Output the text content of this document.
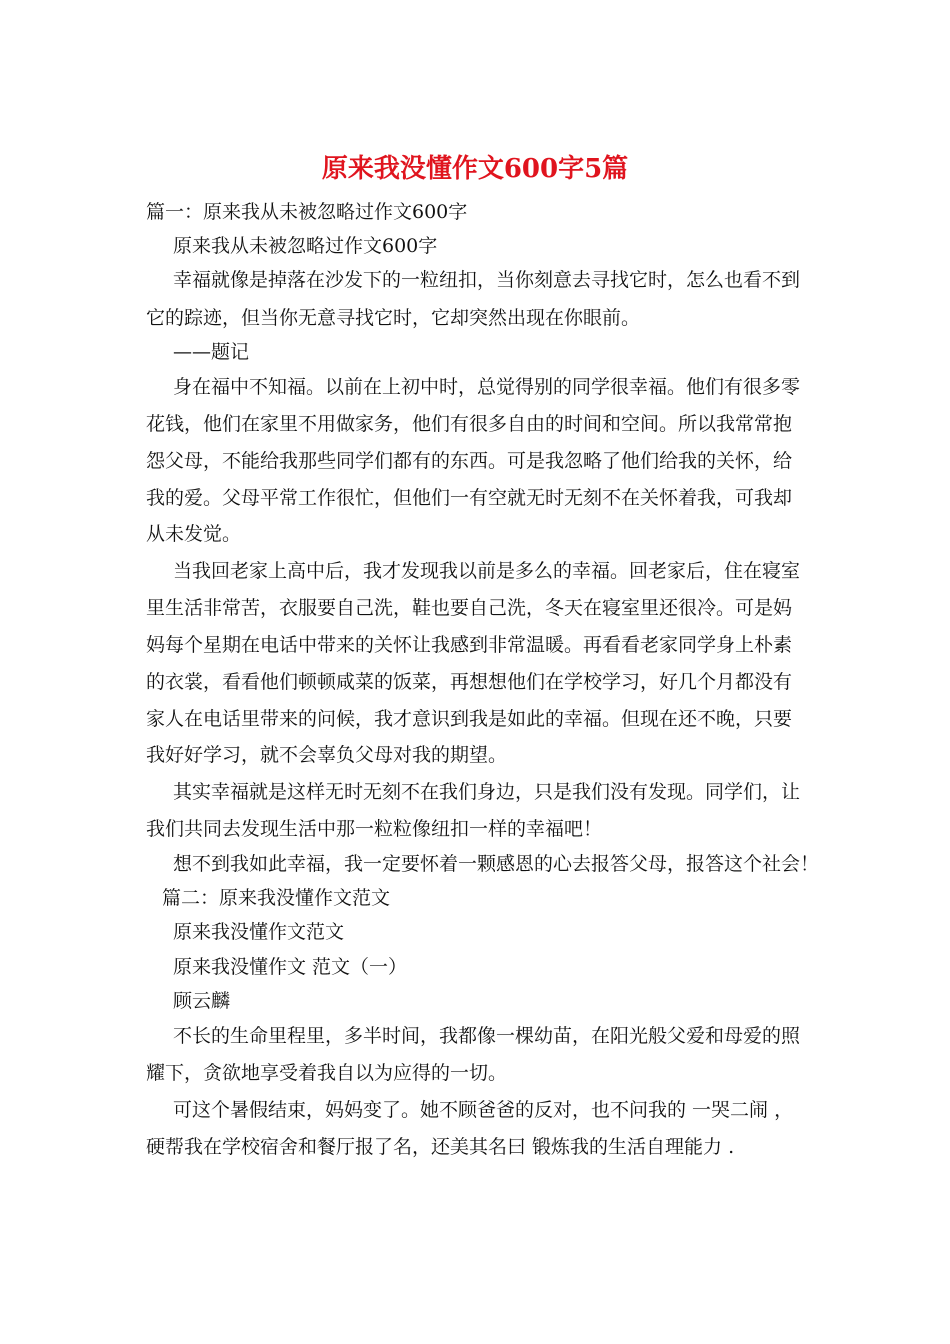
原来我没懂作文600字5篇
篇一：原来我从未被忽略过作文600字
原来我从未被忽略过作文600字
幸福就像是掉落在沙发下的一粒纽扣，当你刻意去寻找它时，怎么也看不到
它的踪迹，但当你无意寻找它时，它却突然出现在你眼前。
——题记
身在福中不知福。以前在上初中时，总觉得别的同学很幸福。他们有很多零
花钱，他们在家里不用做家务，他们有很多自由的时间和空间。所以我常常抱
怨父母，不能给我那些同学们都有的东西。可是我忽略了他们给我的关怀，给
我的爱。父母平常工作很忙，但他们一有空就无时无刻不在关怀着我，可我却
从未发觉。
当我回老家上高中后，我才发现我以前是多么的幸福。回老家后，住在寝室
里生活非常苦，衣服要自己洗，鞋也要自己洗，冬天在寝室里还很冷。可是妈
妈每个星期在电话中带来的关怀让我感到非常温暖。再看看老家同学身上朴素
的衣裳，看看他们顿顿咸菜的饭菜，再想想他们在学校学习，好几个月都没有
家人在电话里带来的问候，我才意识到我是如此的幸福。但现在还不晚，只要
我好好学习，就不会辜负父母对我的期望。
其实幸福就是这样无时无刻不在我们身边，只是我们没有发现。同学们，让
我们共同去发现生活中那一粒粒像纽扣一样的幸福吧！
想不到我如此幸福，我一定要怀着一颗感恩的心去报答父母，报答这个社会！
篇二：原来我没懂作文范文
原来我没懂作文范文
原来我没懂作文 范文（一）
顾云麟
不长的生命里程里，多半时间，我都像一棵幼苗，在阳光般父爱和母爱的照
耀下，贪欲地享受着我自以为应得的一切。
可这个暑假结束，妈妈变了。她不顾爸爸的反对，也不问我的 一哭二闹 ，
硬帮我在学校宿舍和餐厅报了名，还美其名曰 锻炼我的生活自理能力 .
